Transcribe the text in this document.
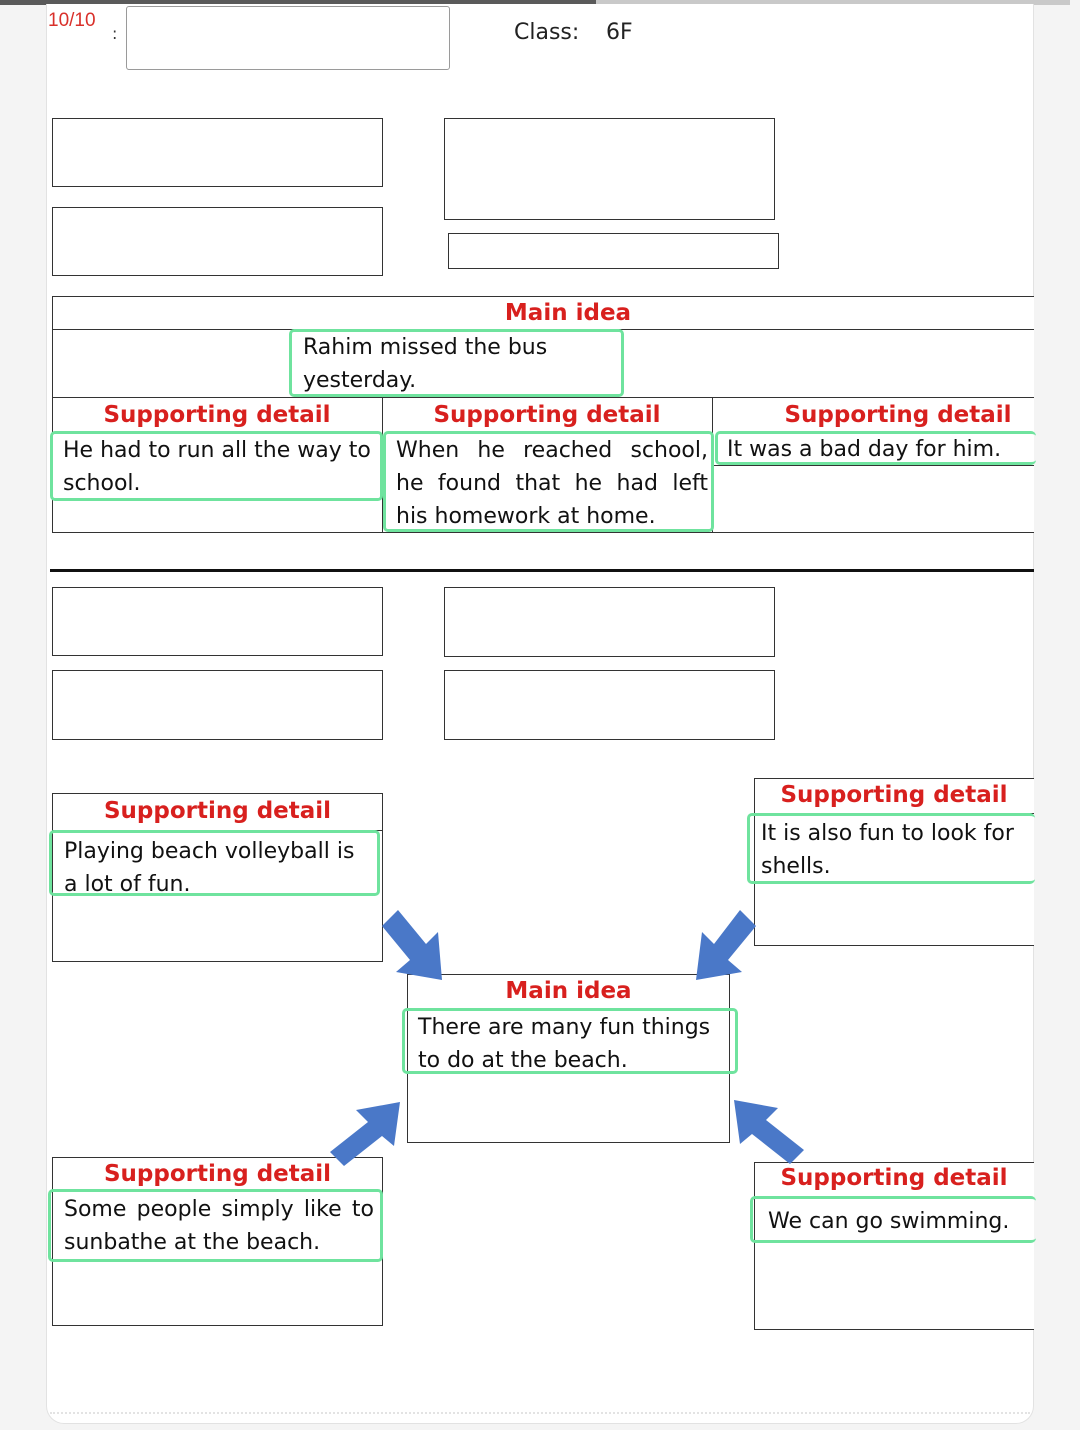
10/10
:	Class: 6F
Main idea
Rahim missed the bus yesterday.
Supporting detail
He had to run all the way to school.
Supporting detail
When he reached school, he found that he had left his homework at home.
Supporting detail
It was a bad day for him.
Supporting detail
Playing beach volleyball is a lot of fun.
Supporting detail
It is also fun to look for shells.
Main idea
There are many fun things to do at the beach.
Supporting detail
Some people simply like to sunbathe at the beach.
Supporting detail
We can go swimming.
